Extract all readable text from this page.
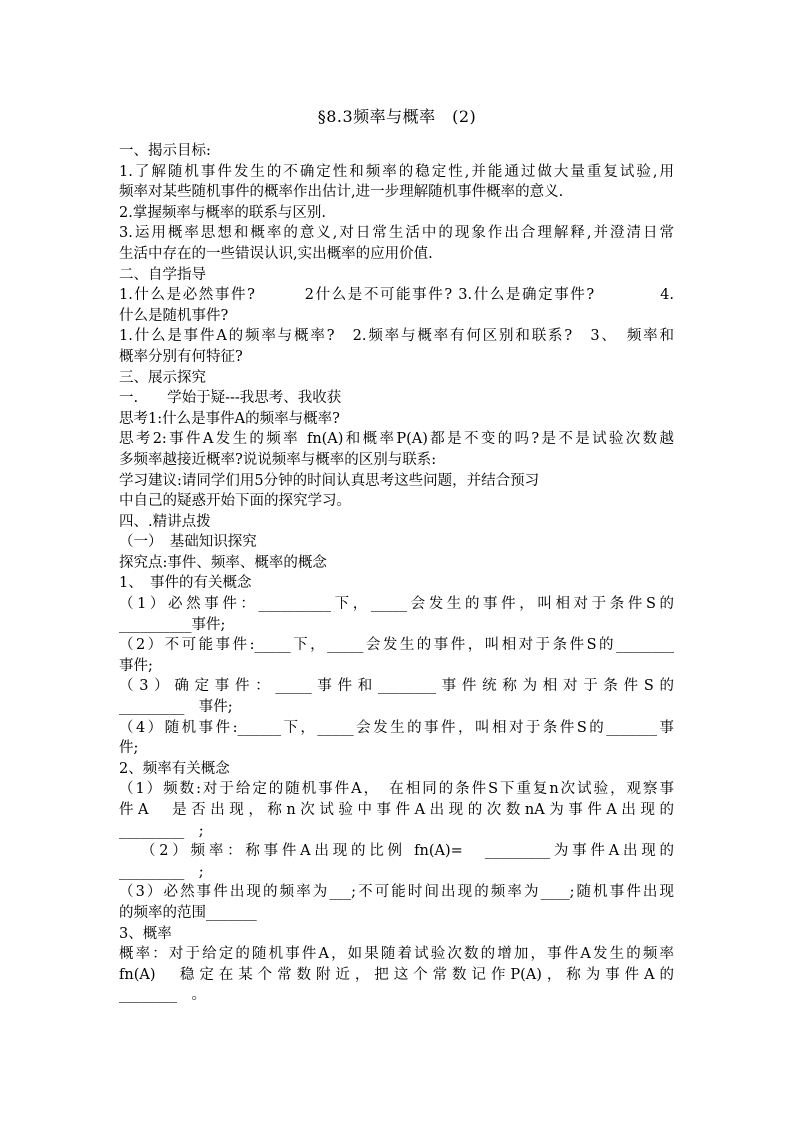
§8.3频率与概率　(2)
一、揭示目标:
1.了解随机事件发生的不确定性和频率的稳定性,并能通过做大量重复试验,用
频率对某些随机事件的概率作出估计,进一步理解随机事件概率的意义.
2.掌握频率与概率的联系与区别.
3.运用概率思想和概率的意义,对日常生活中的现象作出合理解释,并澄清日常
生活中存在的一些错误认识,实出概率的应用价值.
二、自学指导
1.什么是必然事件?　　　2什么是不可能事件? 3.什么是确定事件?　　　　4.
什么是随机事件?
1.什么是事件A的频率与概率?　2.频率与概率有何区别和联系?　3、　频率和
概率分别有何特征?
三、展示探究
一.　　学始于疑---我思考、我收获
思考1:什么是事件A的频率与概率?
思考2:事件A发生的频率 fn(A)和概率P(A)都是不变的吗?是不是试验次数越
多频率越接近概率?说说频率与概率的区别与联系:
学习建议:请同学们用5分钟的时间认真思考这些问题，并结合预习
中自己的疑惑开始下面的探究学习。
四、.精讲点拨
（一）　基础知识探究
探究点:事件、频率、概率的概念
1、　事件的有关概念
（1）必然事件：__________下，_____会发生的事件，叫相对于条件S的
__________事件;
（2）不可能事件:_____下，_____会发生的事件，叫相对于条件S的________
事件;
（3）确定事件：_____事件和________事件统称为相对于条件S的
_________　事件;
（4）随机事件:______下，_____会发生的事件，叫相对于条件S的_______事
件;
2、频率有关概念
（1）频数:对于给定的随机事件A，　在相同的条件S下重复n次试验，观察事
件A　是否出现，称n次试验中事件A出现的次数nA为事件A出现的
_________　;
（2）频率：称事件A出现的比例 fn(A)=　_________为事件A出现的
_________　;
（3）必然事件出现的频率为___;不可能时间出现的频率为____;随机事件出现
的频率的范围_______
3、概率
概率：对于给定的随机事件A，如果随着试验次数的增加，事件A发生的频率
fn(A)　稳定在某个常数附近，把这个常数记作P(A)，称为事件A的
________　。
